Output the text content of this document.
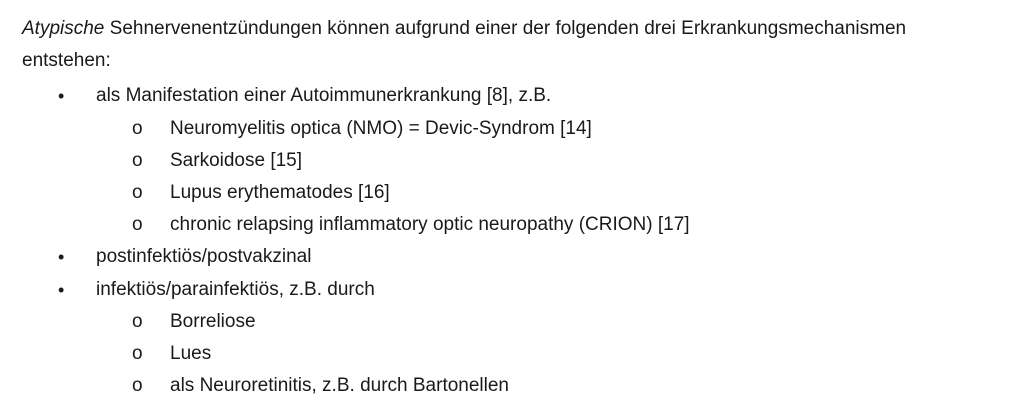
Atypische Sehnervenentzündungen können aufgrund einer der folgenden drei Erkrankungsmechanismen
entstehen:
• als Manifestation einer Autoimmunerkrankung [8], z.B.
o Neuromyelitis optica (NMO) = Devic-Syndrom [14]
o Sarkoidose [15]
o Lupus erythematodes [16]
o chronic relapsing inflammatory optic neuropathy (CRION) [17]
• postinfektiös/postvakzinal
• infektiös/parainfektiös, z.B. durch
o Borreliose
o Lues
o als Neuroretinitis, z.B. durch Bartonellen
